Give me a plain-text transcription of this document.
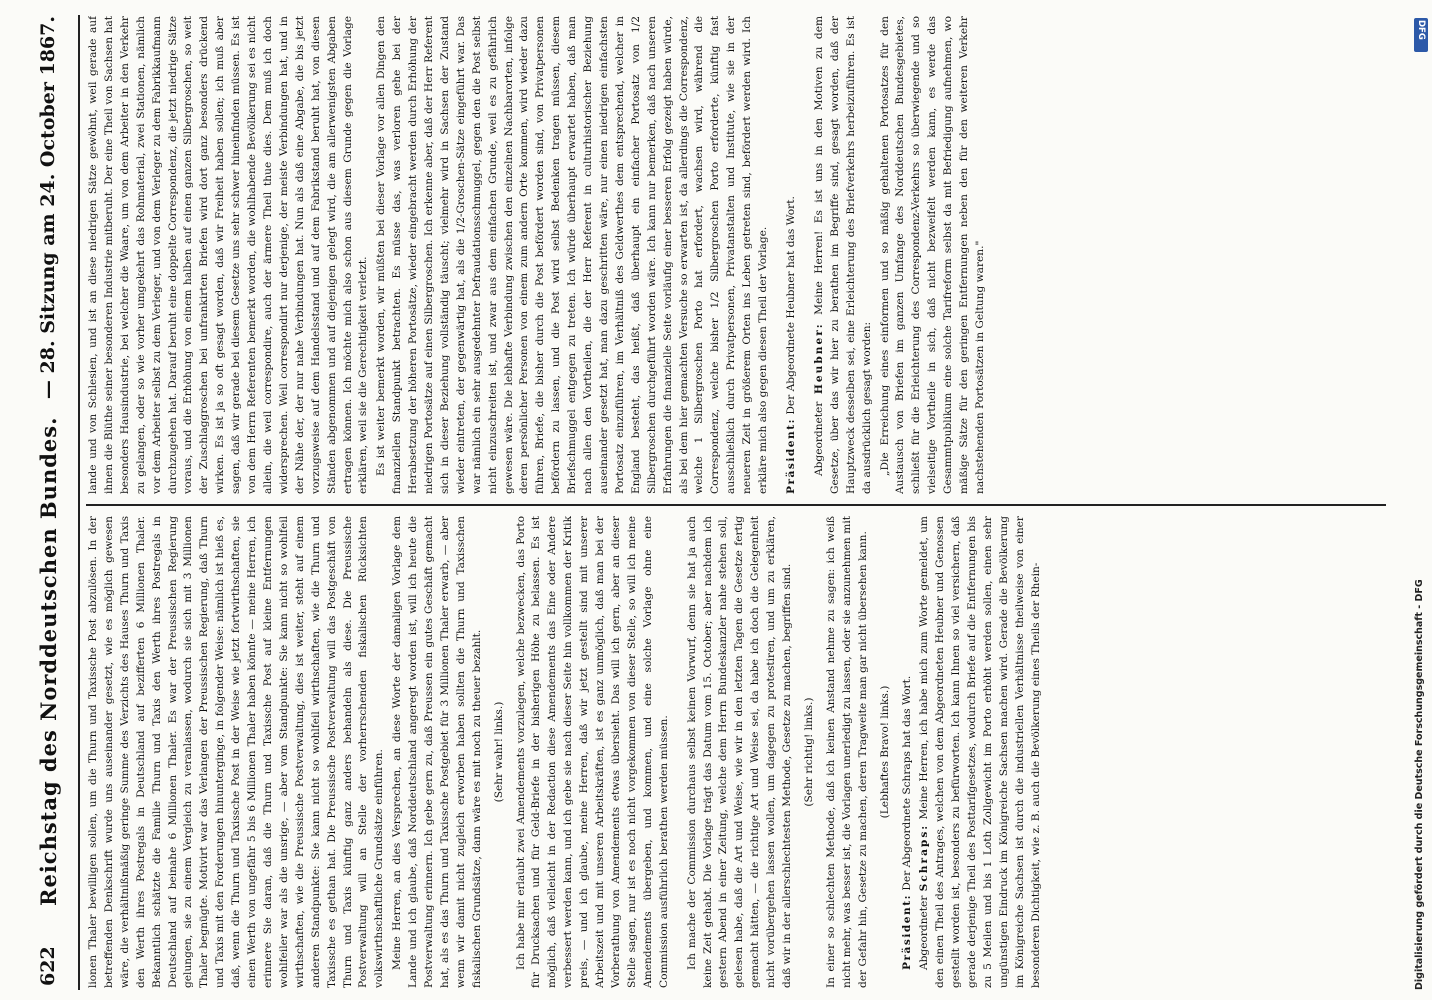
622
Reichstag des Norddeutschen Bundes.
— 28. Sitzung am 24. October 1867.

lionen Thaler bewilligen sollen, um die Thurn und Taxissche Post abzulösen. In der betreffenden Denkschrift wurde uns auseinander gesetzt, wie es möglich gewesen wäre, die verhältnißmäßig geringe Summe des Verzichts des Hauses Thurn und Taxis den Werth ihres Postregals in Deutschland auf bezifferten 6 Millionen Thaler. Bekanntlich schätzte die Familie Thurn und Taxis den Werth ihres Postregals in Deutschland auf beinahe 6 Millionen Thaler. Es war der Preussischen Regierung gelungen, sie zu einem Vergleich zu veranlassen, wodurch sie sich mit 3 Millionen Thaler begnügte. Motivirt war das Verlangen der Preussischen Regierung, daß Thurn und Taxis mit den Forderungen hinunterginge, in folgender Weise: nämlich ist hieß es, daß, wenn die Thurn und Taxissche Post in der Weise wie jetzt fortwirthschaften, sie einen Werth von ungefähr 5 bis 6 Millionen Thaler haben könnte — meine Herren, ich erinnere Sie daran, daß die Thurn und Taxissche Post auf kleine Entfernungen wohlfeiler war als die unsrige, — aber vom Standpunkte: Sie kann nicht so wohlfeil wirthschaften, wie die Preussische Postverwaltung, dies ist weiter, steht auf einem anderen Standpunkte: Sie kann nicht so wohlfeil wirthschaften, wie die Thurn und Taxissche es gethan hat. Die Preussische Postverwaltung will das Postgeschäft von Thurn und Taxis künftig ganz anders behandeln als diese. Die Preussische Postverwaltung will an Stelle der vorherrschenden fiskalischen Rücksichten volkswirthschaftliche Grundsätze einführen. Meine Herren, an dies Versprechen, an diese Worte der damaligen Vorlage dem Lande und ich glaube, daß Norddeutschland angeregt worden ist, will ich heute die Postverwaltung erinnern. Ich gebe gern zu, daß Preussen ein gutes Geschäft gemacht hat, als es das Thurn und Taxissche Postgebiet für 3 Millionen Thaler erwarb, — aber wenn wir damit nicht zugleich erworben haben sollten die Thurn und Taxisschen fiskalischen Grundsätze, dann wäre es mit noch zu theuer bezahlt. (Sehr wahr! links.) Ich habe mir erlaubt zwei Amendements vorzulegen, welche bezwecken, das Porto für Drucksachen und für Geld-Briefe in der bisherigen Höhe zu belassen. Es ist möglich, daß vielleicht in der Redaction diese Amendements das Eine oder Andere verbessert werden kann, und ich gebe sie nach dieser Seite hin vollkommen der Kritik preis, — und ich glaube, meine Herren, daß wir jetzt gestellt sind mit unserer Arbeitszeit und mit unseren Arbeitskräften, ist es ganz unmöglich, daß man bei der Vorberathung von Amendements etwas übersieht. Das will ich gern, aber an dieser Stelle sagen, nur ist es noch nicht vorgekommen von dieser Stelle, so will ich meine Amendements übergeben, und kommen, und eine solche Vorlage ohne eine Commission ausführlich berathen werden müssen. Ich mache der Commission durchaus selbst keinen Vorwurf, denn sie hat ja auch keine Zeit gehabt. Die Vorlage trägt das Datum vom 15. October; aber nachdem ich gestern Abend in einer Zeitung, welche dem Herrn Bundeskanzler nahe stehen soll, gelesen habe, daß die Art und Weise, wie wir in den letzten Tagen die Gesetze fertig gemacht hätten, — die richtige Art und Weise sei, da habe ich doch die Gelegenheit nicht vorübergehen lassen wollen, um dagegen zu protestiren, und um zu erklären, daß wir in der allerschlechtesten Methode, Gesetze zu machen, begriffen sind. (Sehr richtig! links.) In einer so schlechten Methode, daß ich keinen Anstand nehme zu sagen: ich weiß nicht mehr, was besser ist, die Vorlagen unerledigt zu lassen, oder sie anzunehmen mit der Gefahr hin, Gesetze zu machen, deren Tragweite man gar nicht übersehen kann. (Lebhaftes Bravo! links.)

Präsident: Der Abgeordnete Schraps hat das Wort.

Abgeordneter Schraps: Meine Herren, ich habe mich zum Worte gemeldet, um den einen Theil des Antrages, welchen von dem Abgeordneten Heubner und Genossen gestellt worden ist, besonders zu befürworten. Ich kann Ihnen so viel versichern, daß gerade derjenige Theil des Posttarifgesetzes, wodurch Briefe auf die Entfernungen bis zu 5 Meilen und bis 1 Loth Zollgewicht im Porto erhöht werden sollen, einen sehr ungünstigen Eindruck im Königreiche Sachsen machen wird. Gerade die Bevölkerung im Königreiche Sachsen ist durch die industriellen Verhältnisse theilweise von einer besonderen Dichtigkeit, wie z. B. auch die Bevölkerung eines Theils der Rhein-

lande und von Schlesien, und ist an diese niedrigen Sätze gewöhnt, weil gerade auf ihnen die Blüthe seiner besonderen Industrie mitberuht. Der eine Theil von Sachsen hat besonders Hausindustrie, bei welcher die Waare, um von dem Arbeiter in den Verkehr zu gelangen, oder so wie vorher umgekehrt das Rohmaterial, zwei Stationen, nämlich vor dem Arbeiter selbst zu dem Verleger, und von dem Verleger zu dem Fabrikkaufmann durchzugehen hat. Darauf beruht eine doppelte Correspondenz, die jetzt niedrige Sätze voraus, und die Erhöhung von einem halben auf einen ganzen Silbergroschen, so weit der Zuschlaggroschen bei unfrankirten Briefen wird dort ganz besonders drückend wirken. Es ist ja so oft gesagt worden, daß wir Freiheit haben sollen; ich muß aber sagen, daß wir gerade bei diesem Gesetze uns sehr schwer hineinfinden müssen. Es ist von dem Herrn Referenten bemerkt worden, die wohlhabende Bevölkerung sei es nicht allein, die weil correspondire, auch der ärmere Theil thue dies. Dem muß ich doch widersprechen. Weil correspondirt nur derjenige, der meiste Verbindungen hat, und in der Nähe der, der nur nahe Verbindungen hat. Nun als daß eine Abgabe, die bis jetzt vorzugsweise auf dem Handelsstand und auf dem Fabrikstand beruht hat, von diesen Ständen abgenommen und auf diejenigen gelegt wird, die am allerwenigsten Abgaben ertragen können. Ich möchte mich also schon aus diesem Grunde gegen die Vorlage erklären, weil sie die Gerechtigkeit verletzt. Es ist weiter bemerkt worden, wir müßten bei dieser Vorlage vor allen Dingen den finanziellen Standpunkt betrachten. Es müsse das, was verloren gehe bei der Herabsetzung der höheren Portosätze, wieder eingebracht werden durch Erhöhung der niedrigen Portosätze auf einen Silbergroschen. Ich erkenne aber, daß der Herr Referent sich in dieser Beziehung vollständig täuscht; vielmehr wird in Sachsen der Zustand wieder eintreten, der gegenwärtig hat, als die 1/2-Groschen-Sätze eingeführt war. Das war nämlich ein sehr ausgedehnter Defraudationsschmuggel, gegen den die Post selbst nicht einzuschreiten ist, und zwar aus dem einfachen Grunde, weil es zu gefährlich gewesen wäre. Die lebhafte Verbindung zwischen den einzelnen Nachbarorten, infolge deren persönlicher Personen von einem zum andern Orte kommen, wird wieder dazu führen, Briefe, die bisher durch die Post befördert worden sind, von Privatpersonen befördern zu lassen, und die Post wird selbst Bedenken tragen müssen, diesem Briefschmuggel entgegen zu treten. Ich würde überhaupt erwartet haben, daß man nach allen den Vortheilen, die der Herr Referent in culturhistorischer Beziehung auseinander gesetzt hat, man dazu geschritten wäre, nur einen niedrigen einfachsten Portosatz einzuführen, im Verhältniß des Geldwerthes dem entsprechend, welcher in England besteht, das heißt, daß überhaupt ein einfacher Portosatz von 1/2 Silbergroschen durchgeführt worden wäre. Ich kann nur bemerken, daß nach unseren Erfahrungen die finanzielle Seite vorläufig einer besseren Erfolg gezeigt haben würde, als bei dem hier gemachten Versuche so erwarten ist, da allerdings die Correspondenz, welche 1 Silbergroschen Porto hat erfordert, wachsen wird, während die Correspondenz, welche bisher 1/2 Silbergroschen Porto erforderte, künftig fast ausschließlich durch Privatpersonen, Privatanstalten und Institute, wie sie in der neueren Zeit in größerem Orten ins Leben getreten sind, befördert werden wird. Ich erkläre mich also gegen diesen Theil der Vorlage. Präsident: Der Abgeordnete Heubner hat das Wort.

Abgeordneter Heubner: Meine Herren! Es ist uns in den Motiven zu dem Gesetze, über das wir hier zu berathen im Begriffe sind, gesagt worden, daß der Hauptzweck desselben sei, eine Erleichterung des Briefverkehrs herbeizuführen. Es ist da ausdrücklich gesagt worden: „Die Erreichung eines einformen und so mäßig gehaltenen Portosatzes für den Austausch von Briefen im ganzen Umfange des Norddeutschen Bundesgebietes, schließt für die Erleichterung des Correspondenz-Verkehrs so überwiegende und so vielseitige Vortheile in sich, daß nicht bezweifelt werden kann, es werde das Gesammtpublikum eine solche Tarifreform selbst da mit Befriedigung aufnehmen, wo mäßige Sätze für den geringen Entfernungen neben den für den weiteren Verkehr nachstehenden Portosätzen in Geltung waren."

Digitalisierung gefördert durch die Deutsche Forschungsgemeinschaft - DFG
DFG
